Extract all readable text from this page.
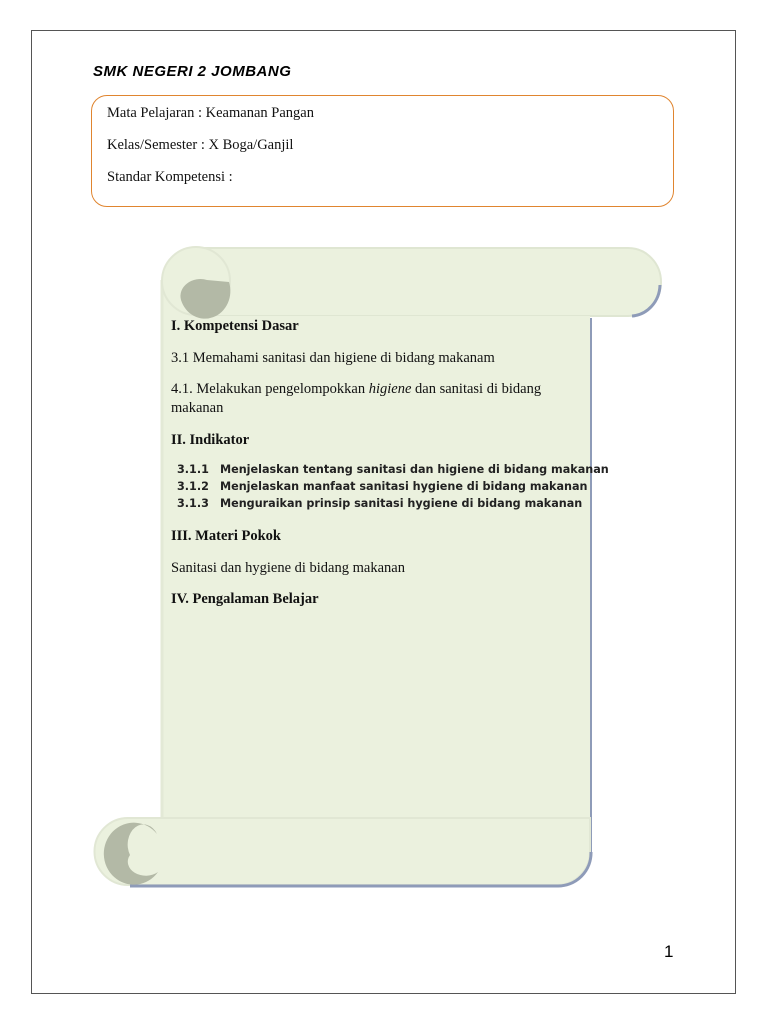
SMK NEGERI 2 JOMBANG
Mata Pelajaran : Keamanan Pangan
Kelas/Semester : X Boga/Ganjil
Standar Kompetensi :

I. Kompetensi Dasar

3.1 Memahami sanitasi dan higiene di bidang makanam

4.1. Melakukan pengelompokkan higiene dan sanitasi di bidang

makanan

II. Indikator

3.1.1 Menjelaskan tentang sanitasi dan higiene di bidang makanan
3.1.2 Menjelaskan manfaat sanitasi hygiene di bidang makanan
3.1.3 Menguraikan prinsip sanitasi hygiene di bidang makanan

III. Materi Pokok

Sanitasi dan hygiene di bidang makanan

IV. Pengalaman Belajar

1
